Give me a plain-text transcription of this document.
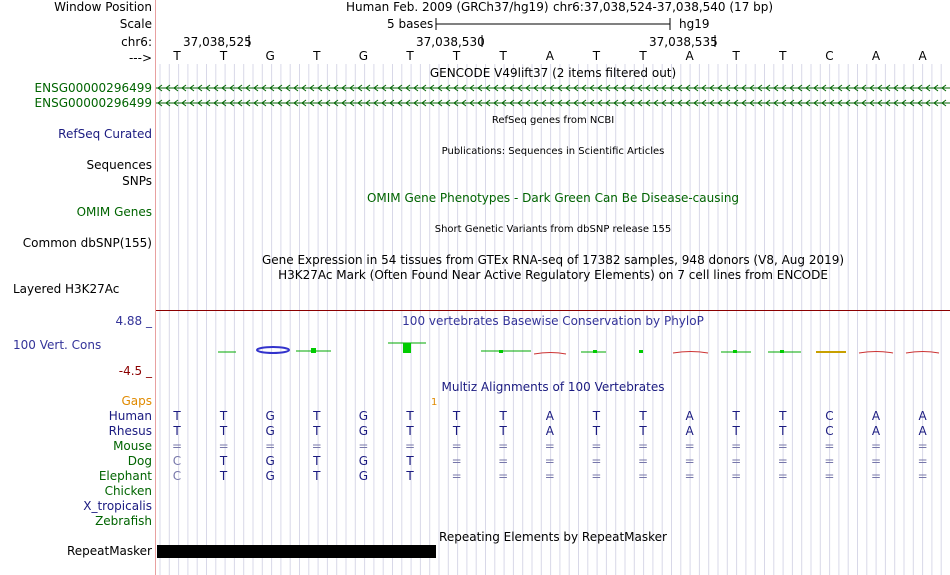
Window Position
Scale
chr6:
--->
Human Feb. 2009 (GRCh37/hg19) chr6:37,038,524-37,038,540 (17 bp)
5 bases	hg19
37,038,525	37,038,530	37,038,535
T	T	G	T	G	T	T	T	A	T	T	A	T	T	C	A	A
GENCODE V49lift37 (2 items filtered out)
ENSG00000296499
ENSG00000296499
RefSeq genes from NCBI
RefSeq Curated
Publications: Sequences in Scientific Articles
Sequences
SNPs
OMIM Gene Phenotypes - Dark Green Can Be Disease-causing
OMIM Genes
Short Genetic Variants from dbSNP release 155
Common dbSNP(155)
Gene Expression in 54 tissues from GTEx RNA-seq of 17382 samples, 948 donors (V8, Aug 2019)
H3K27Ac Mark (Often Found Near Active Regulatory Elements) on 7 cell lines from ENCODE
Layered H3K27Ac
4.88 _	100 vertebrates Basewise Conservation by PhyloP
100 Vert. Cons
-4.5 _
Multiz Alignments of 100 Vertebrates
Gaps	1
Human	T	T	G	T	G	T	T	T	A	T	T	A	T	T	C	A	A
Rhesus	T	T	G	T	G	T	T	T	A	T	T	A	T	T	C	A	A
Mouse	=	=	=	=	=	=	=	=	=	=	=	=	=	=	=	=	=
Dog	C	T	G	T	G	T	=	=	=	=	=	=	=	=	=	=	=
Elephant	C	T	G	T	G	T	=	=	=	=	=	=	=	=	=	=	=
Chicken
X_tropicalis
Zebrafish
Repeating Elements by RepeatMasker
RepeatMasker
